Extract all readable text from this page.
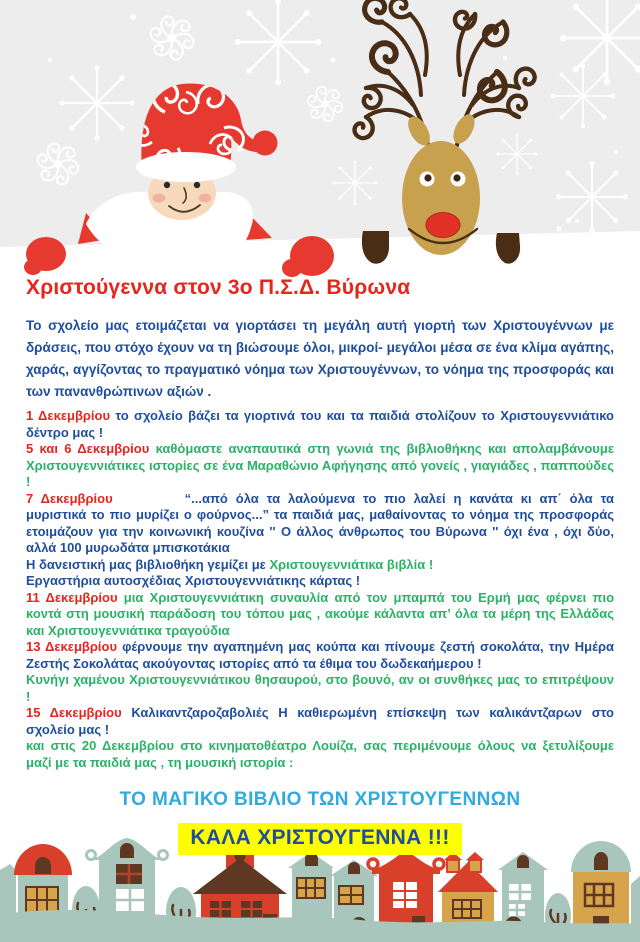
Χριστούγεννα στον 3ο Π.Σ.Δ. Βύρωνα

Το σχολείο μας ετοιμάζεται να γιορτάσει τη μεγάλη αυτή γιορτή των Χριστουγέννων με δράσεις, που στόχο έχουν να τη βιώσουμε όλοι, μικροί- μεγάλοι μέσα σε ένα κλίμα αγάπης, χαράς, αγγίζοντας το πραγματικό νόημα των Χριστουγέννων, το νόημα της προσφοράς και των πανανθρώπινων αξιών .

1 Δεκεμβρίου το σχολείο βάζει τα γιορτινά του και τα παιδιά στολίζουν το Χριστουγεννιάτικο δέντρο μας !

5 και 6 Δεκεμβρίου καθόμαστε αναπαυτικά στη γωνιά της βιβλιοθήκης και απολαμβάνουμε Χριστουγεννιάτικες ιστορίες σε ένα Μαραθώνιο Αφήγησης από γονείς , γιαγιάδες , παππούδες !

7 Δεκεμβρίου	“...από όλα τα λαλούμενα το πιο λαλεί η κανάτα κι απ΄ όλα τα μυριστικά το πιο μυρίζει ο φούρνος...” τα παιδιά μας, μαθαίνοντας το νόημα της προσφοράς ετοιμάζουν για την κοινωνική κουζίνα '' Ο άλλος άνθρωπος του Βύρωνα '' όχι ένα , όχι δύο, αλλά 100 μυρωδάτα μπισκοτάκια

Η δανειστική μας βιβλιοθήκη γεμίζει με Χριστουγεννιάτικα βιβλία !

Εργαστήρια αυτοσχέδιας Χριστουγεννιάτικης κάρτας !

11 Δεκεμβρίου μια Χριστουγεννιάτικη συναυλία από τον μπαμπά του Ερμή μας φέρνει πιο κοντά στη μουσική παράδοση του τόπου μας , ακούμε κάλαντα απ’ όλα τα μέρη της Ελλάδας και Χριστουγεννιάτικα τραγούδια

13 Δεκεμβρίου φέρνουμε την αγαπημένη μας κούπα και πίνουμε ζεστή σοκολάτα, την Ημέρα Ζεστής Σοκολάτας ακούγοντας ιστορίες από τα έθιμα του δωδεκαήμερου !

Κυνήγι χαμένου Χριστουγεννιάτικου θησαυρού, στο βουνό, αν οι συνθήκες μας το επιτρέψουν !

15 Δεκεμβρίου Καλικαντζαροζαβολιές Η καθιερωμένη επίσκεψη των καλικάντζαρων στο σχολείο μας !

και στις 20 Δεκεμβρίου στο κινηματοθέατρο Λουίζα, σας περιμένουμε όλους να ξετυλίξουμε μαζί με τα παιδιά μας , τη μουσική ιστορία :

ΤΟ ΜΑΓΙΚΟ ΒΙΒΛΙΟ ΤΩΝ ΧΡΙΣΤΟΥΓΕΝΝΩΝ
ΚΑΛΑ ΧΡΙΣΤΟΥΓΕΝΝΑ !!!
